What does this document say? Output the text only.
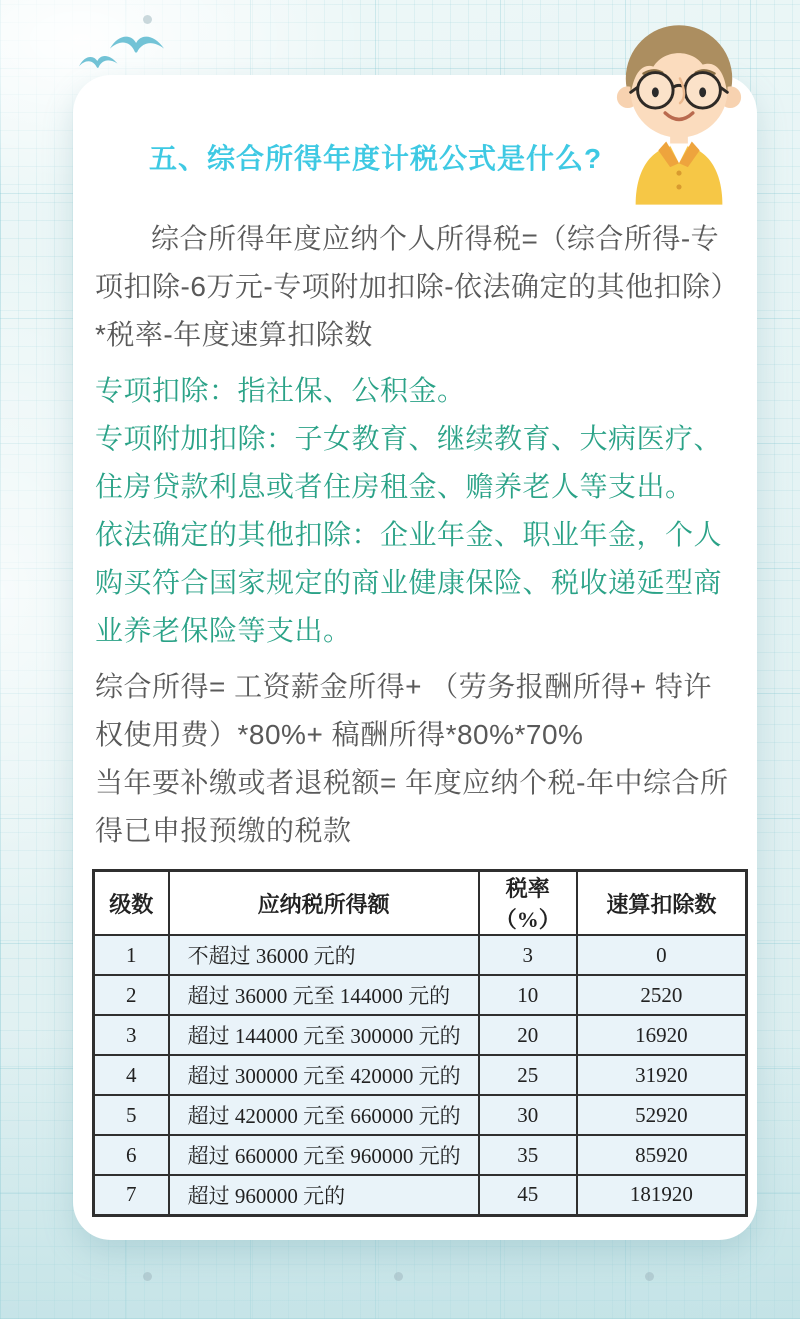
五、综合所得年度计税公式是什么?

综合所得年度应纳个人所得税=（综合所得-专项扣除-6万元-专项附加扣除-依法确定的其他扣除）*税率-年度速算扣除数

专项扣除：指社保、公积金。

专项附加扣除：子女教育、继续教育、大病医疗、住房贷款利息或者住房租金、赡养老人等支出。

依法确定的其他扣除：企业年金、职业年金，个人购买符合国家规定的商业健康保险、税收递延型商业养老保险等支出。

综合所得= 工资薪金所得+ （劳务报酬所得+ 特许权使用费）*80%+ 稿酬所得*80%*70%

当年要补缴或者退税额= 年度应纳个税-年中综合所得已申报预缴的税款

级数	应纳税所得额	税率（%）	速算扣除数
1	不超过 36000 元的	3	0
2	超过 36000 元至 144000 元的	10	2520
3	超过 144000 元至 300000 元的	20	16920
4	超过 300000 元至 420000 元的	25	31920
5	超过 420000 元至 660000 元的	30	52920
6	超过 660000 元至 960000 元的	35	85920
7	超过 960000 元的	45	181920
